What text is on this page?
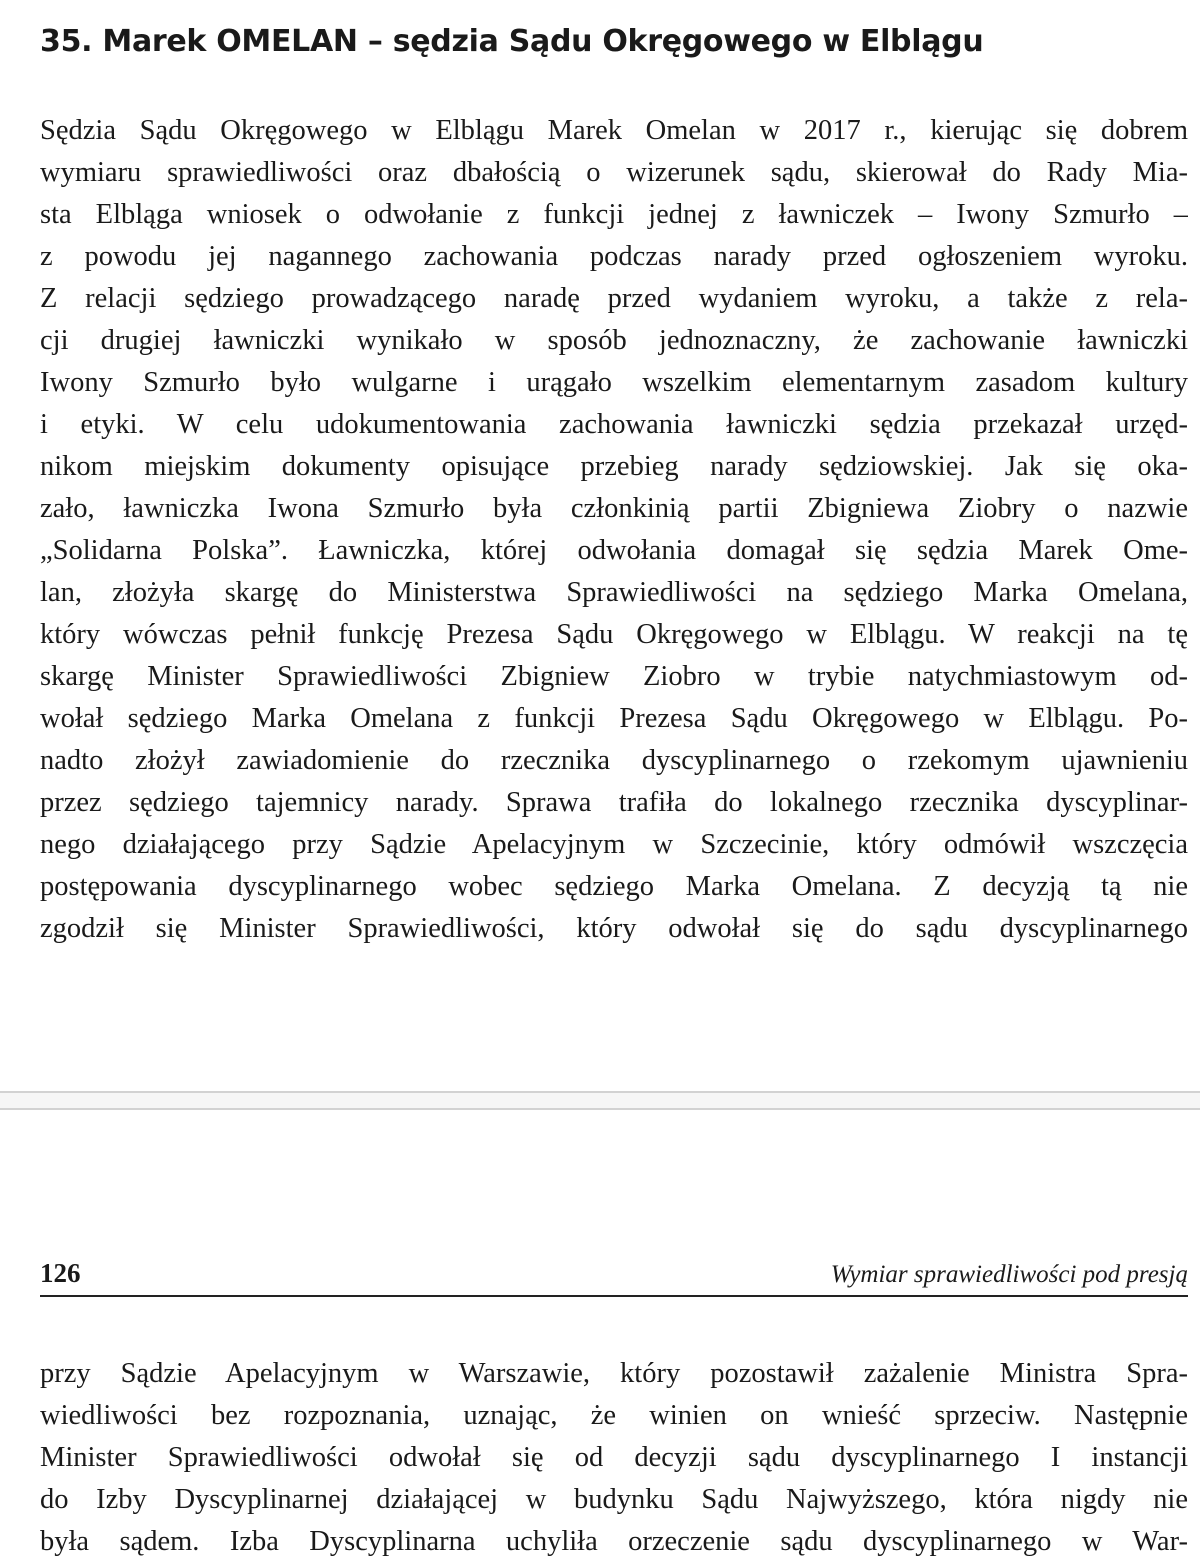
35. Marek OMELAN – sędzia Sądu Okręgowego w Elblągu
Sędzia Sądu Okręgowego w Elblągu Marek Omelan w 2017 r., kierując się dobrem
wymiaru sprawiedliwości oraz dbałością o wizerunek sądu, skierował do Rady Mia-
sta Elbląga wniosek o odwołanie z funkcji jednej z ławniczek – Iwony Szmurło –
z powodu jej nagannego zachowania podczas narady przed ogłoszeniem wyroku.
Z relacji sędziego prowadzącego naradę przed wydaniem wyroku, a także z rela-
cji drugiej ławniczki wynikało w sposób jednoznaczny, że zachowanie ławniczki
Iwony Szmurło było wulgarne i urągało wszelkim elementarnym zasadom kultury
i etyki. W celu udokumentowania zachowania ławniczki sędzia przekazał urzęd-
nikom miejskim dokumenty opisujące przebieg narady sędziowskiej. Jak się oka-
zało, ławniczka Iwona Szmurło była członkinią partii Zbigniewa Ziobry o nazwie
„Solidarna Polska”. Ławniczka, której odwołania domagał się sędzia Marek Ome-
lan, złożyła skargę do Ministerstwa Sprawiedliwości na sędziego Marka Omelana,
który wówczas pełnił funkcję Prezesa Sądu Okręgowego w Elblągu. W reakcji na tę
skargę Minister Sprawiedliwości Zbigniew Ziobro w trybie natychmiastowym od-
wołał sędziego Marka Omelana z funkcji Prezesa Sądu Okręgowego w Elblągu. Po-
nadto złożył zawiadomienie do rzecznika dyscyplinarnego o rzekomym ujawnieniu
przez sędziego tajemnicy narady. Sprawa trafiła do lokalnego rzecznika dyscyplinar-
nego działającego przy Sądzie Apelacyjnym w Szczecinie, który odmówił wszczęcia
postępowania dyscyplinarnego wobec sędziego Marka Omelana. Z decyzją tą nie
zgodził się Minister Sprawiedliwości, który odwołał się do sądu dyscyplinarnego
126	Wymiar sprawiedliwości pod presją
przy Sądzie Apelacyjnym w Warszawie, który pozostawił zażalenie Ministra Spra-
wiedliwości bez rozpoznania, uznając, że winien on wnieść sprzeciw. Następnie
Minister Sprawiedliwości odwołał się od decyzji sądu dyscyplinarnego I instancji
do Izby Dyscyplinarnej działającej w budynku Sądu Najwyższego, która nigdy nie
była sądem. Izba Dyscyplinarna uchyliła orzeczenie sądu dyscyplinarnego w War-
